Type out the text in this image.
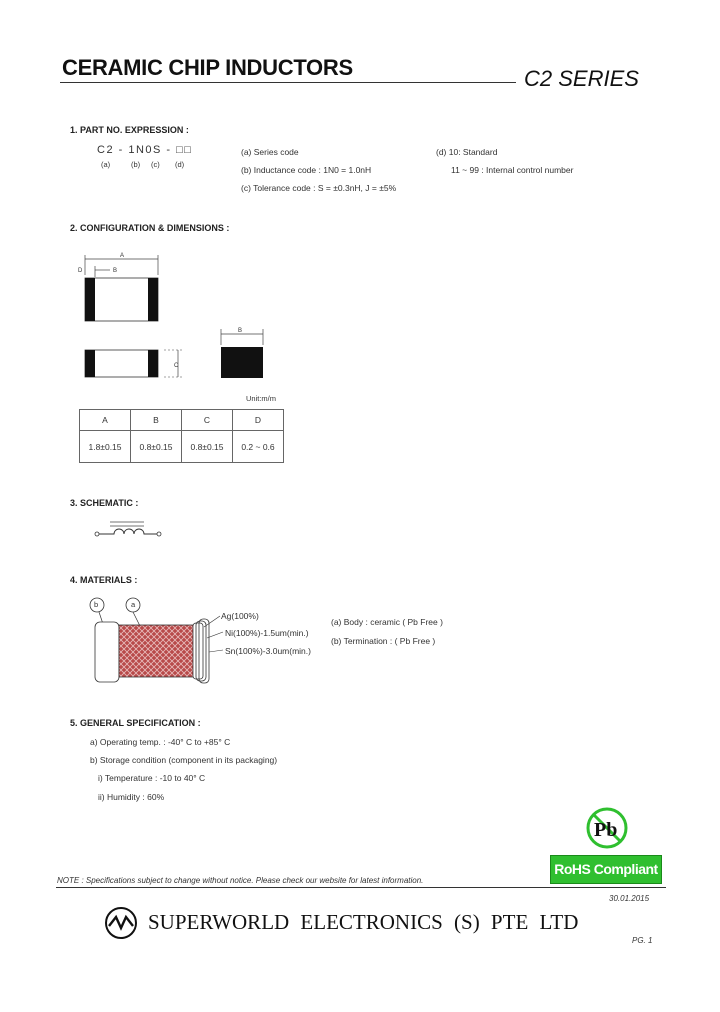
CERAMIC CHIP INDUCTORS	C2 SERIES
1. PART NO. EXPRESSION :
C2 - 1N0S - □□
(a)	(b) (c) (d)
(a) Series code
(b) Inductance code : 1N0 = 1.0nH
(c) Tolerance code : S = ±0.3nH, J = ±5%
(d) 10: Standard
11 ~ 99 : Internal control number
2. CONFIGURATION & DIMENSIONS :
A
B
D
C
B
Unit:m/m
A	B	C	D
1.8±0.15	0.8±0.15	0.8±0.15	0.2 ~ 0.6
3. SCHEMATIC :
4. MATERIALS :
b	a
Ag(100%)
Ni(100%)-1.5um(min.)
Sn(100%)-3.0um(min.)
(a) Body : ceramic ( Pb Free )
(b) Termination : ( Pb Free )
5. GENERAL SPECIFICATION :
a) Operating temp. : -40° C to +85° C
b) Storage condition (component in its packaging)
i) Temperature : -10 to 40° C
ii) Humidity : 60%
Pb
RoHS Compliant
NOTE : Specifications subject to change without notice. Please check our website for latest information.
30.01.2015
SUPERWORLD ELECTRONICS (S) PTE LTD
PG. 1
